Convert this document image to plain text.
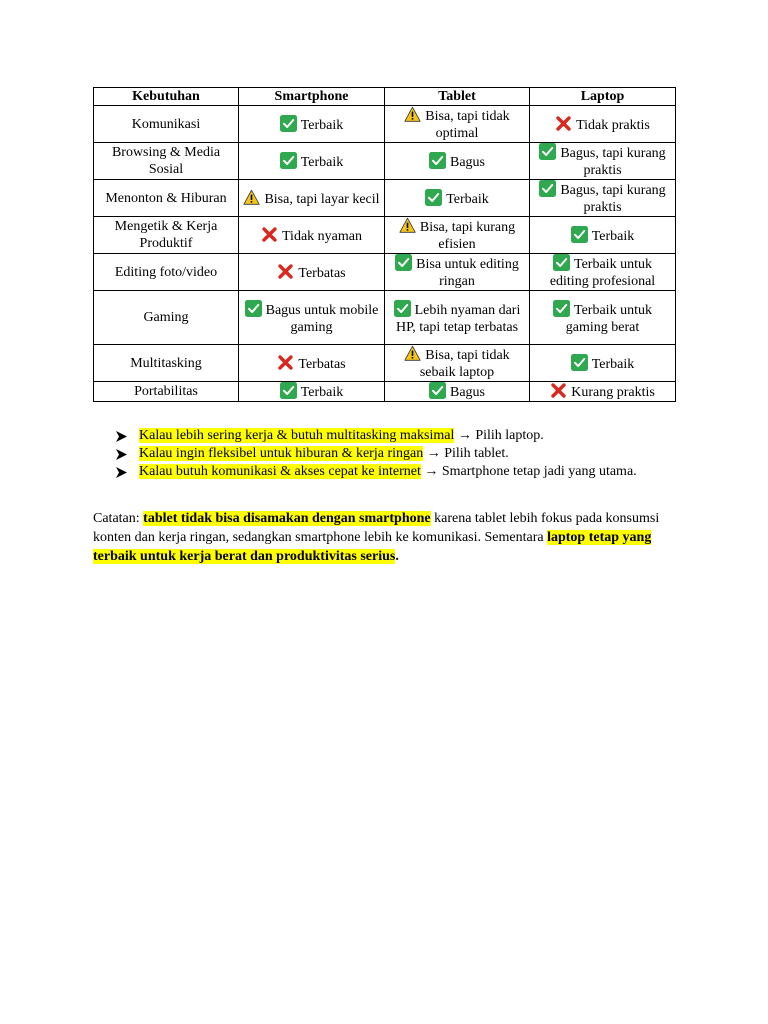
Kebutuhan	Smartphone	Tablet	Laptop
Komunikasi	Terbaik	Bisa, tapi tidak optimal	Tidak praktis
Browsing & Media Sosial	Terbaik	Bagus	Bagus, tapi kurang praktis
Menonton & Hiburan	Bisa, tapi layar kecil	Terbaik	Bagus, tapi kurang praktis
Mengetik & Kerja Produktif	Tidak nyaman	Bisa, tapi kurang efisien	Terbaik
Editing foto/video	Terbatas	Bisa untuk editing ringan	Terbaik untuk editing profesional
Gaming	Bagus untuk mobile gaming	Lebih nyaman dari HP, tapi tetap terbatas	Terbaik untuk gaming berat
Multitasking	Terbatas	Bisa, tapi tidak sebaik laptop	Terbaik
Portabilitas	Terbaik	Bagus	Kurang praktis
Kalau lebih sering kerja & butuh multitasking maksimal → Pilih laptop.
Kalau ingin fleksibel untuk hiburan & kerja ringan → Pilih tablet.
Kalau butuh komunikasi & akses cepat ke internet → Smartphone tetap jadi yang utama.

Catatan: tablet tidak bisa disamakan dengan smartphone karena tablet lebih fokus pada konsumsi konten dan kerja ringan, sedangkan smartphone lebih ke komunikasi. Sementara laptop tetap yang terbaik untuk kerja berat dan produktivitas serius.
